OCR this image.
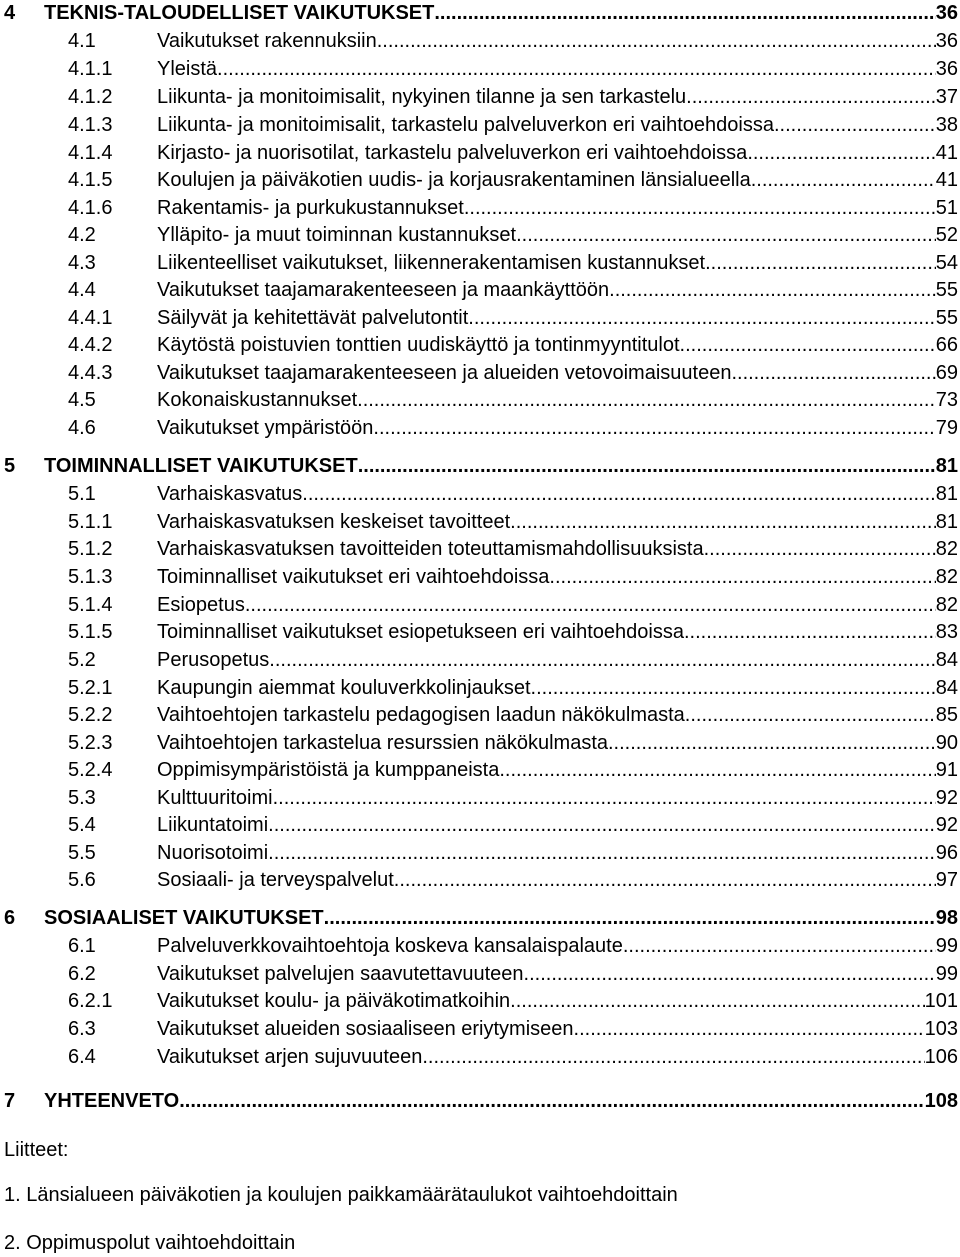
4	TEKNIS-TALOUDELLISET VAIKUTUKSET .....	36
4.1	Vaikutukset rakennuksiin .....	36
4.1.1	Yleistä .....	36
4.1.2	Liikunta- ja monitoimisalit, nykyinen tilanne ja sen tarkastelu .....	37
4.1.3	Liikunta- ja monitoimisalit, tarkastelu palveluverkon eri vaihtoehdoissa .....	38
4.1.4	Kirjasto- ja nuorisotilat, tarkastelu palveluverkon eri vaihtoehdoissa .....	41
4.1.5	Koulujen ja päiväkotien uudis- ja korjausrakentaminen länsialueella .....	41
4.1.6	Rakentamis- ja purkukustannukset .....	51
4.2	Ylläpito- ja muut toiminnan kustannukset .....	52
4.3	Liikenteelliset vaikutukset, liikennerakentamisen kustannukset .....	54
4.4	Vaikutukset taajamarakenteeseen ja maankäyttöön .....	55
4.4.1	Säilyvät ja kehitettävät palvelutontit .....	55
4.4.2	Käytöstä poistuvien tonttien uudiskäyttö ja tontinmyyntitulot .....	66
4.4.3	Vaikutukset taajamarakenteeseen ja alueiden vetovoimaisuuteen .....	69
4.5	Kokonaiskustannukset .....	73
4.6	Vaikutukset ympäristöön .....	79
5	TOIMINNALLISET VAIKUTUKSET .....	81
5.1	Varhaiskasvatus .....	81
5.1.1	Varhaiskasvatuksen keskeiset tavoitteet .....	81
5.1.2	Varhaiskasvatuksen tavoitteiden toteuttamismahdollisuuksista .....	82
5.1.3	Toiminnalliset vaikutukset eri vaihtoehdoissa .....	82
5.1.4	Esiopetus .....	82
5.1.5	Toiminnalliset vaikutukset esiopetukseen eri vaihtoehdoissa .....	83
5.2	Perusopetus .....	84
5.2.1	Kaupungin aiemmat kouluverkkolinjaukset .....	84
5.2.2	Vaihtoehtojen tarkastelu pedagogisen laadun näkökulmasta .....	85
5.2.3	Vaihtoehtojen tarkastelua resurssien näkökulmasta .....	90
5.2.4	Oppimisympäristöistä ja kumppaneista .....	91
5.3	Kulttuuritoimi .....	92
5.4	Liikuntatoimi .....	92
5.5	Nuorisotoimi .....	96
5.6	Sosiaali- ja terveyspalvelut .....	97
6	SOSIAALISET VAIKUTUKSET .....	98
6.1	Palveluverkkovaihtoehtoja koskeva kansalaispalaute .....	99
6.2	Vaikutukset palvelujen saavutettavuuteen .....	99
6.2.1	Vaikutukset koulu- ja päiväkotimatkoihin .....	101
6.3	Vaikutukset alueiden sosiaaliseen eriytymiseen .....	103
6.4	Vaikutukset arjen sujuvuuteen .....	106
7	YHTEENVETO .....	108
Liitteet:
1. Länsialueen päiväkotien ja koulujen paikkamäärätaulukot vaihtoehdoittain
2. Oppimuspolut vaihtoehdoittain
